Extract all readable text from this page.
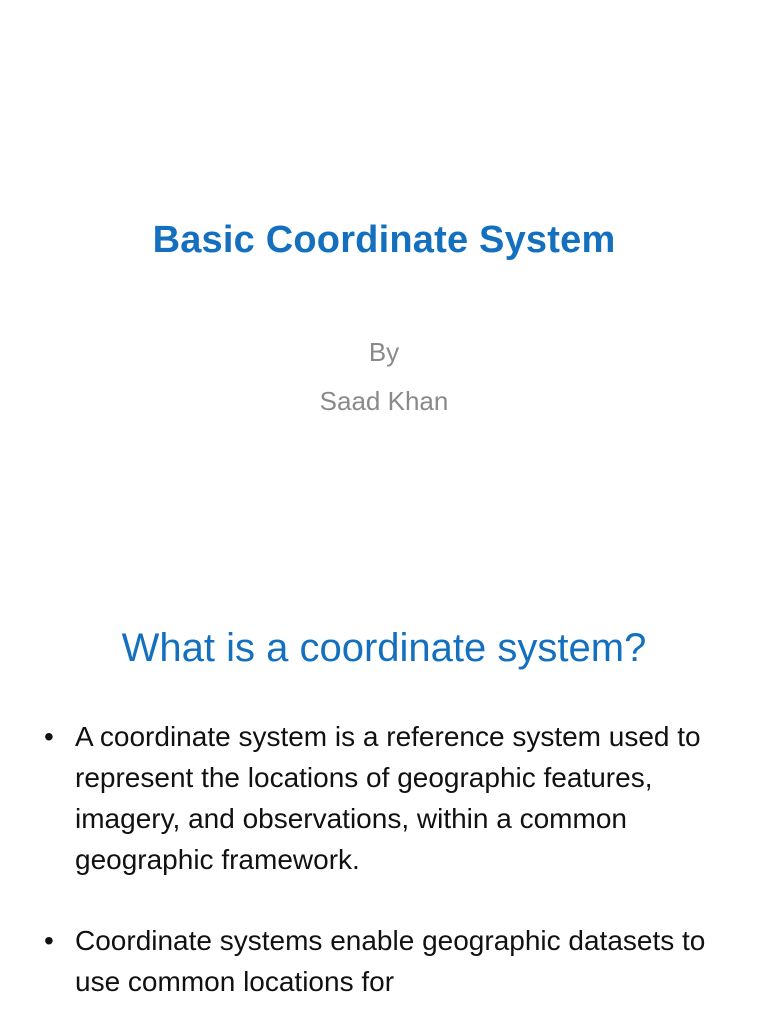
Basic Coordinate System
By
Saad Khan
What is a coordinate system?
• A coordinate system is a reference system used to represent the locations of geographic features, imagery, and observations, within a common geographic framework.
• Coordinate systems enable geographic datasets to use common locations for
